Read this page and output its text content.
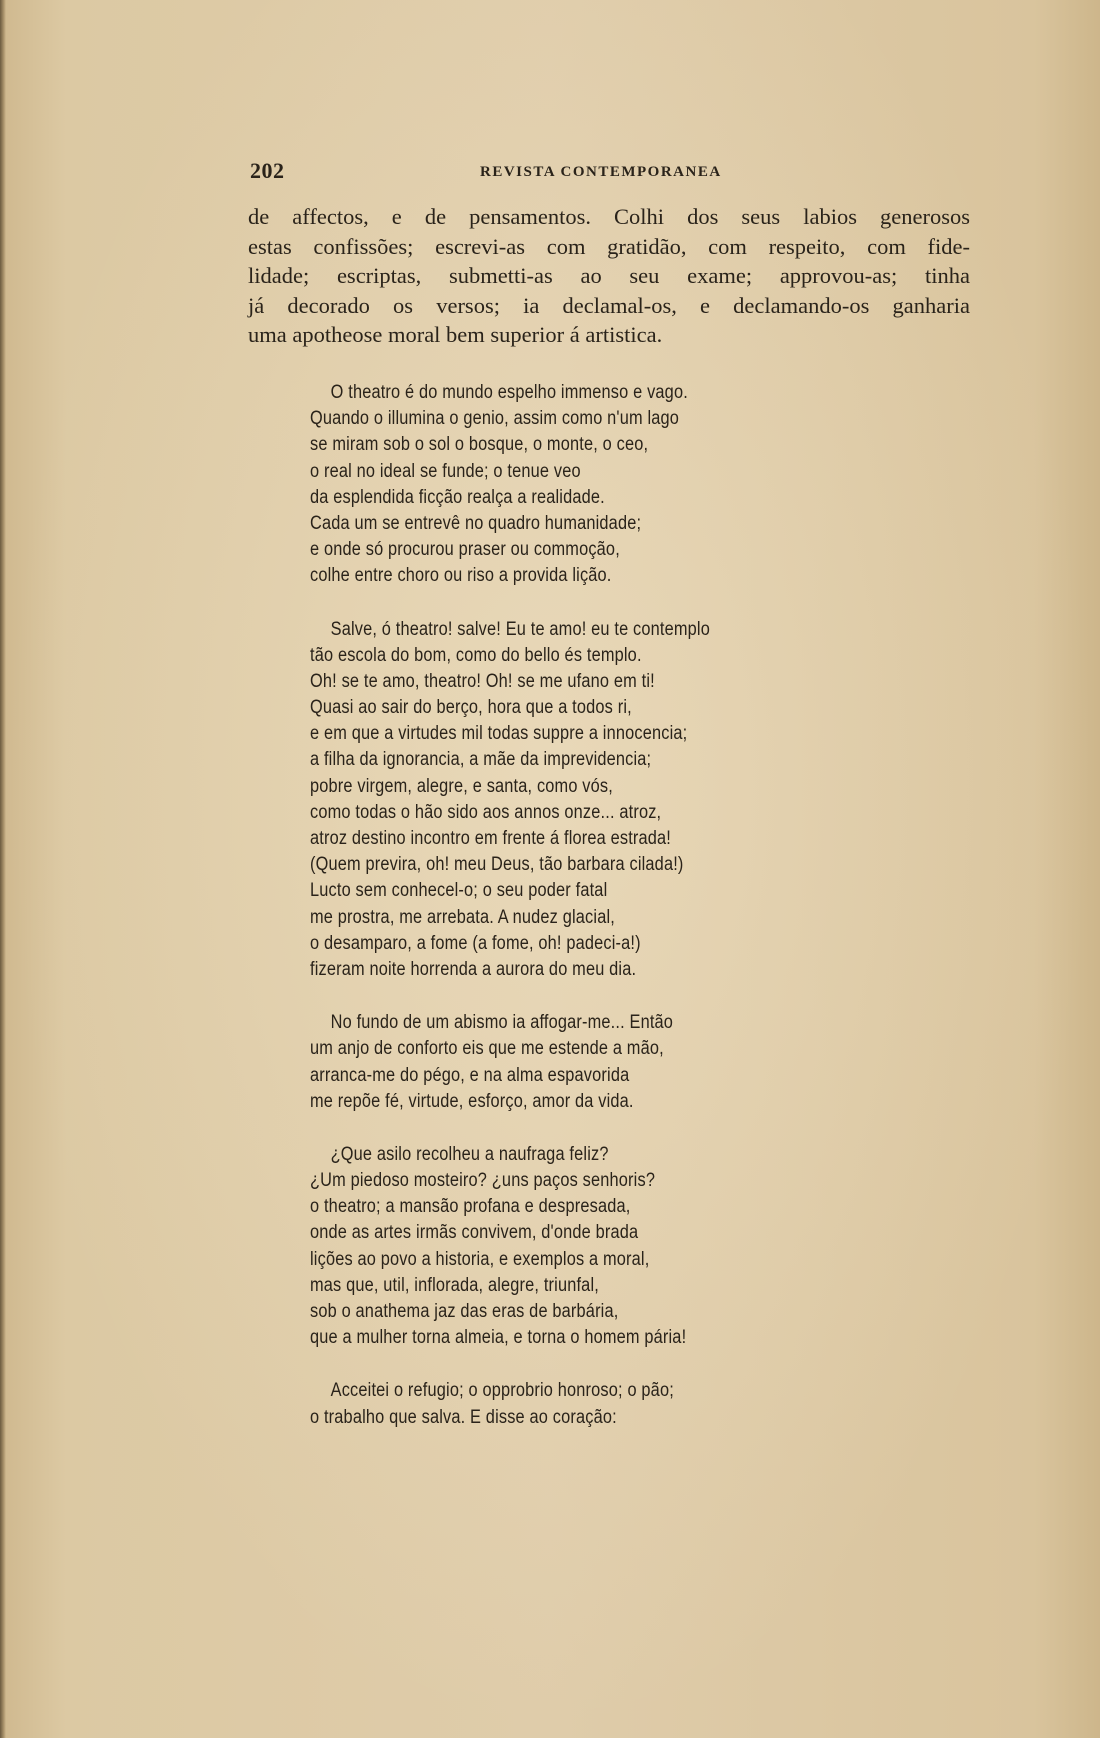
202	REVISTA CONTEMPORANEA
de affectos, e de pensamentos. Colhi dos seus labios generosos
estas confissões; escrevi-as com gratidão, com respeito, com fide-
lidade; escriptas, submetti-as ao seu exame; approvou-as; tinha
já decorado os versos; ia declamal-os, e declamando-os ganharia
uma apotheose moral bem superior á artistica.
O theatro é do mundo espelho immenso e vago.
Quando o illumina o genio, assim como n'um lago
se miram sob o sol o bosque, o monte, o ceo,
o real no ideal se funde; o tenue veo
da esplendida ficção realça a realidade.
Cada um se entrevê no quadro humanidade;
e onde só procurou praser ou commoção,
colhe entre choro ou riso a provida lição.
Salve, ó theatro! salve! Eu te amo! eu te contemplo
tão escola do bom, como do bello és templo.
Oh! se te amo, theatro! Oh! se me ufano em ti!
Quasi ao sair do berço, hora que a todos ri,
e em que a virtudes mil todas suppre a innocencia;
a filha da ignorancia, a mãe da imprevidencia;
pobre virgem, alegre, e santa, como vós,
como todas o hão sido aos annos onze... atroz,
atroz destino incontro em frente á florea estrada!
(Quem previra, oh! meu Deus, tão barbara cilada!)
Lucto sem conhecel-o; o seu poder fatal
me prostra, me arrebata. A nudez glacial,
o desamparo, a fome (a fome, oh! padeci-a!)
fizeram noite horrenda a aurora do meu dia.
No fundo de um abismo ia affogar-me... Então
um anjo de conforto eis que me estende a mão,
arranca-me do pégo, e na alma espavorida
me repõe fé, virtude, esforço, amor da vida.
¿Que asilo recolheu a naufraga feliz?
¿Um piedoso mosteiro? ¿uns paços senhoris?
o theatro; a mansão profana e despresada,
onde as artes irmãs convivem, d'onde brada
lições ao povo a historia, e exemplos a moral,
mas que, util, inflorada, alegre, triunfal,
sob o anathema jaz das eras de barbária,
que a mulher torna almeia, e torna o homem pária!
Acceitei o refugio; o opprobrio honroso; o pão;
o trabalho que salva. E disse ao coração:
